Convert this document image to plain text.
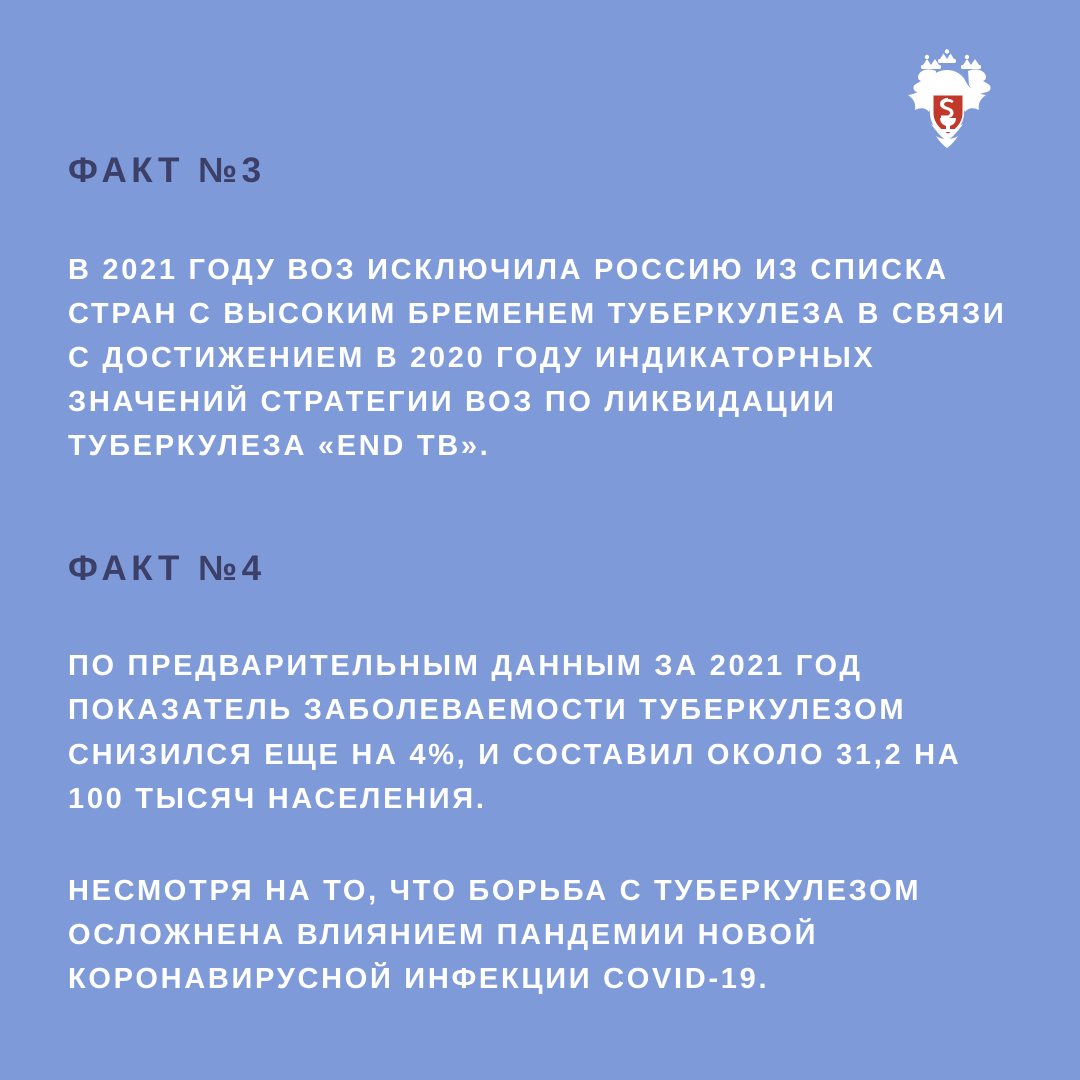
ФАКТ №3

В 2021 ГОДУ ВОЗ ИСКЛЮЧИЛА РОССИЮ ИЗ СПИСКА
СТРАН С ВЫСОКИМ БРЕМЕНЕМ ТУБЕРКУЛЕЗА В СВЯЗИ
С ДОСТИЖЕНИЕМ В 2020 ГОДУ ИНДИКАТОРНЫХ
ЗНАЧЕНИЙ СТРАТЕГИИ ВОЗ ПО ЛИКВИДАЦИИ
ТУБЕРКУЛЕЗА «END TB».

ФАКТ №4

ПО ПРЕДВАРИТЕЛЬНЫМ ДАННЫМ ЗА 2021 ГОД
ПОКАЗАТЕЛЬ ЗАБОЛЕВАЕМОСТИ ТУБЕРКУЛЕЗОМ
СНИЗИЛСЯ ЕЩЕ НА 4%, И СОСТАВИЛ ОКОЛО 31,2 НА
100 ТЫСЯЧ НАСЕЛЕНИЯ.

НЕСМОТРЯ НА ТО, ЧТО БОРЬБА С ТУБЕРКУЛЕЗОМ
ОСЛОЖНЕНА ВЛИЯНИЕМ ПАНДЕМИИ НОВОЙ
КОРОНАВИРУСНОЙ ИНФЕКЦИИ COVID-19.
